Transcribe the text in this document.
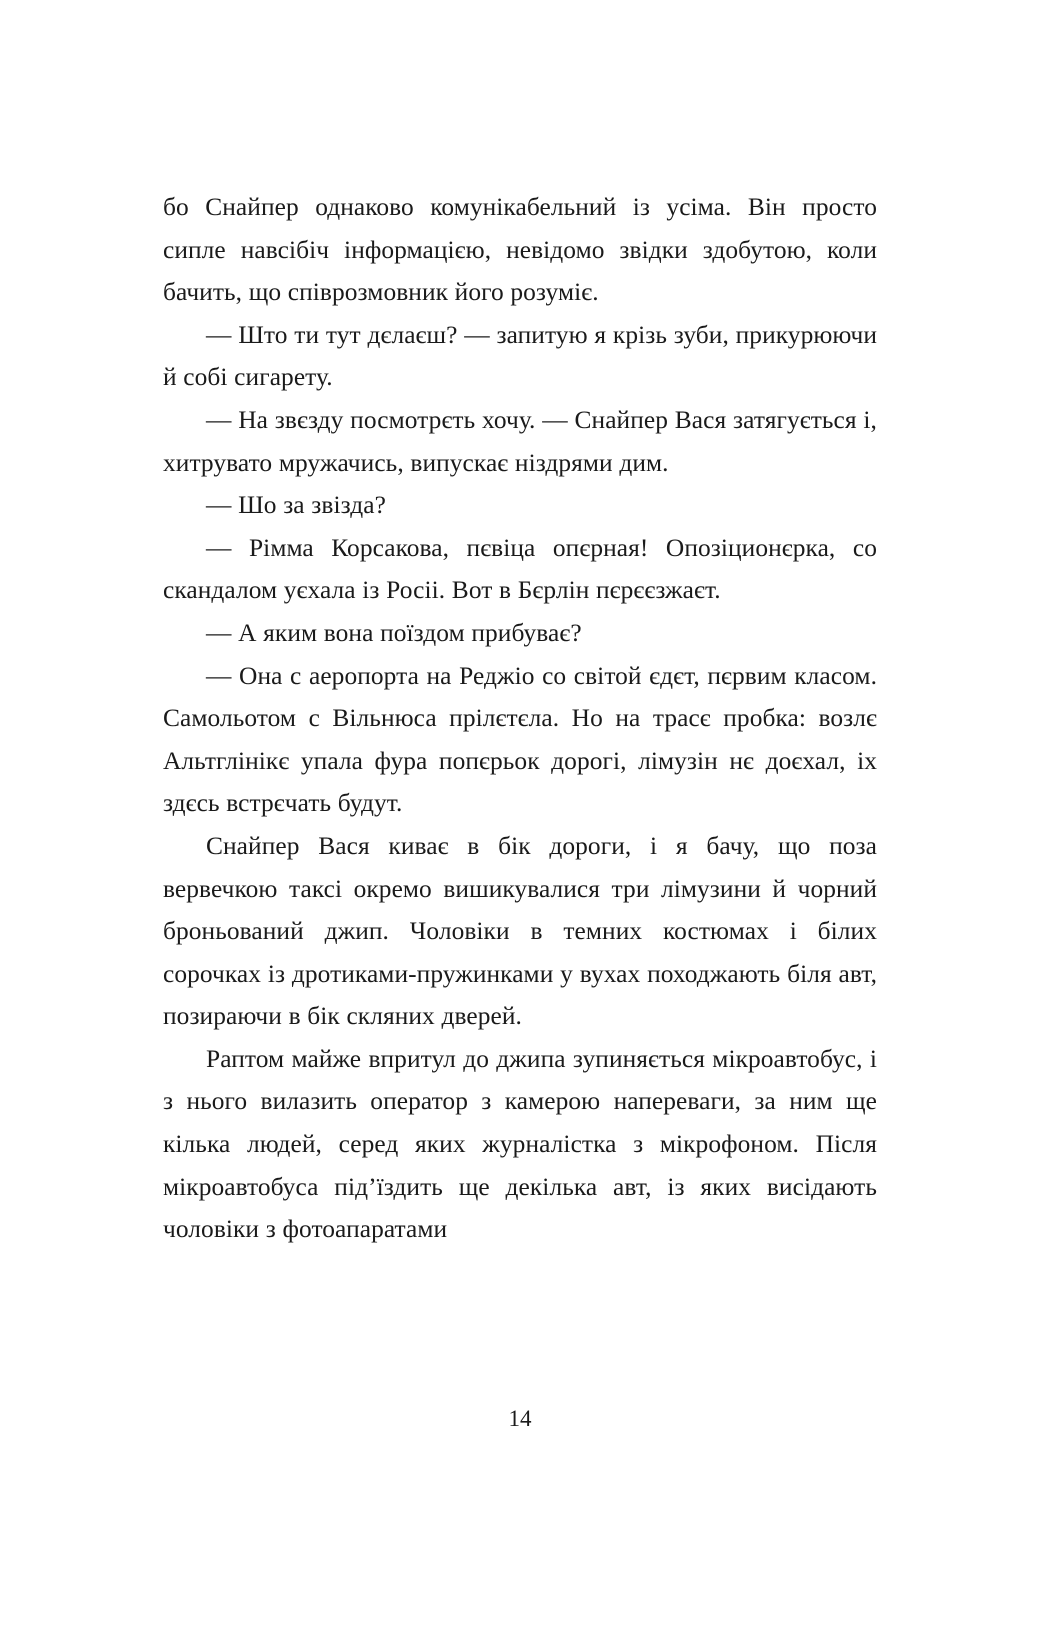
бо Снайпер однаково комунікабельний із усіма. Він просто сипле навсібіч інформацією, невідомо звідки здобутою, коли бачить, що співрозмовник його розуміє.

— Што ти тут дєлаєш? — запитую я крізь зуби, прикурюючи й собі сигарету.

— На звєзду посмотрєть хочу. — Снайпер Вася затягується і, хитрувато мружачись, випускає ніздрями дим.

— Шо за звізда?

— Рімма Корсакова, пєвіца опєрная! Опозіционєрка, со скандалом уєхала із Росіі. Вот в Бєрлін пєрєєзжаєт.

— А яким вона поїздом прибуває?

— Она с аеропорта на Реджіо со світой єдєт, пєрвим класом. Самольотом с Вільнюса прілєтєла. Но на трасє пробка: возлє Альтглінікє упала фура попєрьок дорогі, лімузін нє доєхал, іх здєсь встрєчать будут.

Снайпер Вася киває в бік дороги, і я бачу, що поза вервечкою таксі окремо вишикувалися три лімузини й чорний броньований джип. Чоловіки в темних костюмах і білих сорочках із дротиками-пружинками у вухах походжають біля авт, позираючи в бік скляних дверей.

Раптом майже впритул до джипа зупиняється мікроавтобус, і з нього вилазить оператор з камерою напереваги, за ним ще кілька людей, серед яких журналістка з мікрофоном. Після мікроавтобуса під’їздить ще декілька авт, із яких висідають чоловіки з фотоапаратами

14
